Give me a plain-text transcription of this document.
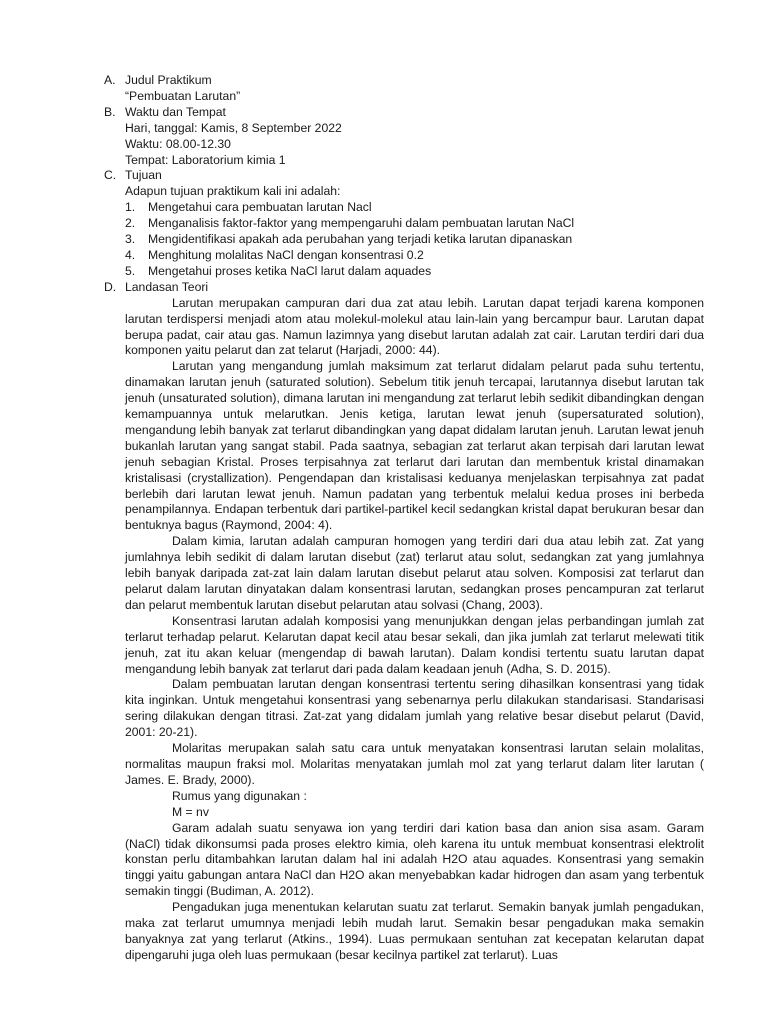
A. Judul Praktikum
“Pembuatan Larutan”
B. Waktu dan Tempat
Hari, tanggal: Kamis, 8 September 2022
Waktu: 08.00-12.30
Tempat: Laboratorium kimia 1
C. Tujuan
Adapun tujuan praktikum kali ini adalah:
1.	Mengetahui cara pembuatan larutan Nacl
2.	Menganalisis faktor-faktor yang mempengaruhi dalam pembuatan larutan NaCl
3.	Mengidentifikasi apakah ada perubahan yang terjadi ketika larutan dipanaskan
4.	Menghitung molalitas NaCl dengan konsentrasi 0.2
5.	Mengetahui proses ketika NaCl larut dalam aquades
D. Landasan Teori

Larutan merupakan campuran dari dua zat atau lebih. Larutan dapat terjadi karena komponen larutan terdispersi menjadi atom atau molekul-molekul atau lain-lain yang bercampur baur. Larutan dapat berupa padat, cair atau gas. Namun lazimnya yang disebut larutan adalah zat cair. Larutan terdiri dari dua komponen yaitu pelarut dan zat telarut (Harjadi, 2000: 44).

Larutan yang mengandung jumlah maksimum zat terlarut didalam pelarut pada suhu tertentu, dinamakan larutan jenuh (saturated solution). Sebelum titik jenuh tercapai, larutannya disebut larutan tak jenuh (unsaturated solution), dimana larutan ini mengandung zat terlarut lebih sedikit dibandingkan dengan kemampuannya untuk melarutkan. Jenis ketiga, larutan lewat jenuh (supersaturated solution), mengandung lebih banyak zat terlarut dibandingkan yang dapat didalam larutan jenuh. Larutan lewat jenuh bukanlah larutan yang sangat stabil. Pada saatnya, sebagian zat terlarut akan terpisah dari larutan lewat jenuh sebagian Kristal. Proses terpisahnya zat terlarut dari larutan dan membentuk kristal dinamakan kristalisasi (crystallization). Pengendapan dan kristalisasi keduanya menjelaskan terpisahnya zat padat berlebih dari larutan lewat jenuh. Namun padatan yang terbentuk melalui kedua proses ini berbeda penampilannya. Endapan terbentuk dari partikel-partikel kecil sedangkan kristal dapat berukuran besar dan bentuknya bagus (Raymond, 2004: 4).

Dalam kimia, larutan adalah campuran homogen yang terdiri dari dua atau lebih zat. Zat yang jumlahnya lebih sedikit di dalam larutan disebut (zat) terlarut atau solut, sedangkan zat yang jumlahnya lebih banyak daripada zat-zat lain dalam larutan disebut pelarut atau solven. Komposisi zat terlarut dan pelarut dalam larutan dinyatakan dalam konsentrasi larutan, sedangkan proses pencampuran zat terlarut dan pelarut membentuk larutan disebut pelarutan atau solvasi (Chang, 2003).

Konsentrasi larutan adalah komposisi yang menunjukkan dengan jelas perbandingan jumlah zat terlarut terhadap pelarut. Kelarutan dapat kecil atau besar sekali, dan jika jumlah zat terlarut melewati titik jenuh, zat itu akan keluar (mengendap di bawah larutan). Dalam kondisi tertentu suatu larutan dapat mengandung lebih banyak zat terlarut dari pada dalam keadaan jenuh (Adha, S. D. 2015).

Dalam pembuatan larutan dengan konsentrasi tertentu sering dihasilkan konsentrasi yang tidak kita inginkan. Untuk mengetahui konsentrasi yang sebenarnya perlu dilakukan standarisasi. Standarisasi sering dilakukan dengan titrasi. Zat-zat yang didalam jumlah yang relative besar disebut pelarut (David, 2001: 20-21).

Molaritas merupakan salah satu cara untuk menyatakan konsentrasi larutan selain molalitas, normalitas maupun fraksi mol. Molaritas menyatakan jumlah mol zat yang terlarut dalam liter larutan ( James. E. Brady, 2000).

Rumus yang digunakan :
M = nv

Garam adalah suatu senyawa ion yang terdiri dari kation basa dan anion sisa asam. Garam (NaCl) tidak dikonsumsi pada proses elektro kimia, oleh karena itu untuk membuat konsentrasi elektrolit konstan perlu ditambahkan larutan dalam hal ini adalah H2O atau aquades. Konsentrasi yang semakin tinggi yaitu gabungan antara NaCl dan H2O akan menyebabkan kadar hidrogen dan asam yang terbentuk semakin tinggi (Budiman, A. 2012).

Pengadukan juga menentukan kelarutan suatu zat terlarut. Semakin banyak jumlah pengadukan, maka zat terlarut umumnya menjadi lebih mudah larut. Semakin besar pengadukan maka semakin banyaknya zat yang terlarut (Atkins., 1994). Luas permukaan sentuhan zat kecepatan kelarutan dapat dipengaruhi juga oleh luas permukaan (besar kecilnya partikel zat terlarut). Luas
